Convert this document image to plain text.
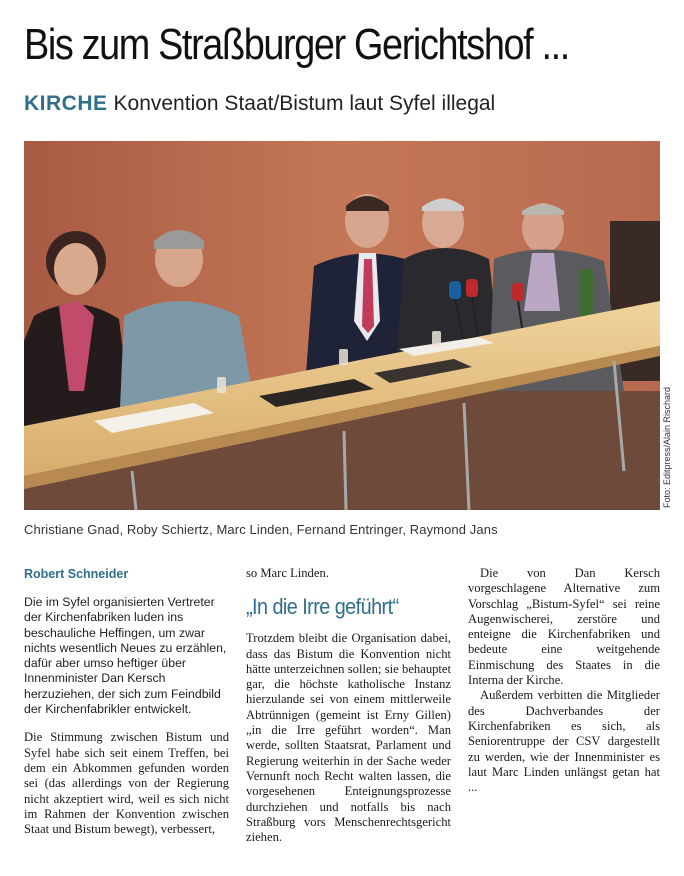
Bis zum Straßburger Gerichtshof ...
KIRCHE Konvention Staat/Bistum laut Syfel illegal
Foto: Editpress/Alain Rischard
Christiane Gnad, Roby Schiertz, Marc Linden, Fernand Entringer, Raymond Jans
Robert Schneider

Die im Syfel organisierten Vertreter der Kirchenfabriken luden ins beschauliche Heffingen, um zwar nichts wesentlich Neues zu erzählen, dafür aber umso heftiger über Innenminister Dan Kersch herzuziehen, der sich zum Feindbild der Kirchenfabrikler entwickelt.

Die Stimmung zwischen Bistum und Syfel habe sich seit einem Treffen, bei dem ein Abkommen gefunden worden sei (das allerdings von der Regierung nicht akzeptiert wird, weil es sich nicht im Rahmen der Konvention zwischen Staat und Bistum bewegt), verbessert,

so Marc Linden.

„In die Irre geführt“

Trotzdem bleibt die Organisation dabei, dass das Bistum die Konvention nicht hätte unterzeichnen sollen; sie behauptet gar, die höchste katholische Instanz hierzulande sei von einem mittlerweile Abtrünnigen (gemeint ist Erny Gillen) „in die Irre geführt worden“. Man werde, sollten Staatsrat, Parlament und Regierung weiterhin in der Sache weder Vernunft noch Recht walten lassen, die vorgesehenen Enteignungsprozesse durchziehen und notfalls bis nach Straßburg vors Menschenrechtsgericht ziehen.

Die von Dan Kersch vorgeschlagene Alternative zum Vorschlag „Bistum-Syfel“ sei reine Augenwischerei, zerstöre und enteigne die Kirchenfabriken und bedeute eine weitgehende Einmischung des Staates in die Interna der Kirche.

Außerdem verbitten die Mitglieder des Dachverbandes der Kirchenfabriken es sich, als Seniorentruppe der CSV dargestellt zu werden, wie der Innenminister es laut Marc Linden unlängst getan hat ...
